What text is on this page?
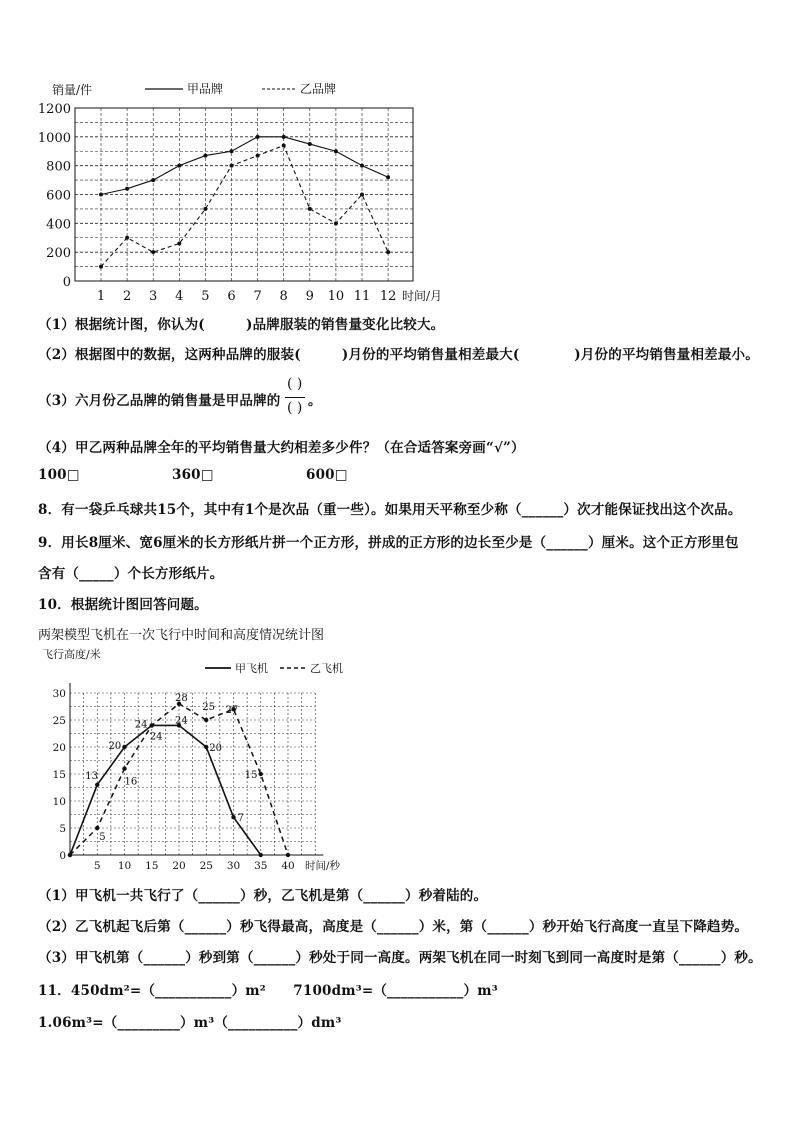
0
200
400
600
800
1000
1200
1 2 3 4 5 6 7 8 9 10 11 12 时间/月
销量/件	甲品牌	乙品牌
（1）根据统计图，你认为(　　　)品牌服装的销售量变化比较大。
（2）根据图中的数据，这两种品牌的服装(　　　)月份的平均销售量相差最大(　　　　)月份的平均销售量相差最小。
（3）六月份乙品牌的销售量是甲品牌的
( )
( ) 。
（4）甲乙两种品牌全年的平均销售量大约相差多少件？（在合适答案旁画“√”）
100□	360□	600□
8．有一袋乒乓球共15个，其中有1个是次品（重一些）。如果用天平称至少称（______）次才能保证找出这个次品。
9．用长8厘米、宽6厘米的长方形纸片拼一个正方形，拼成的正方形的边长至少是（______）厘米。这个正方形里包
含有（_____）个长方形纸片。
10．根据统计图回答问题。
两架模型飞机在一次飞行中时间和高度情况统计图
0
5
10
15
20
25
30
5 10 15 20 25 30 35 40 时间/秒
飞行高度/米
甲飞机	乙飞机
13
20
24	24
20
7
5
16
24
28
25 27
15
（1）甲飞机一共飞行了（______）秒，乙飞机是第（______）秒着陆的。
（2）乙飞机起飞后第（______）秒飞得最高，高度是（______）米，第（______）秒开始飞行高度一直呈下降趋势。
（3）甲飞机第（______）秒到第（______）秒处于同一高度。两架飞机在同一时刻飞到同一高度时是第（______）秒。
11．450dm²=（___________）m²　　7100dm³=（___________）m³
1.06m³=（_________）m³（__________）dm³
